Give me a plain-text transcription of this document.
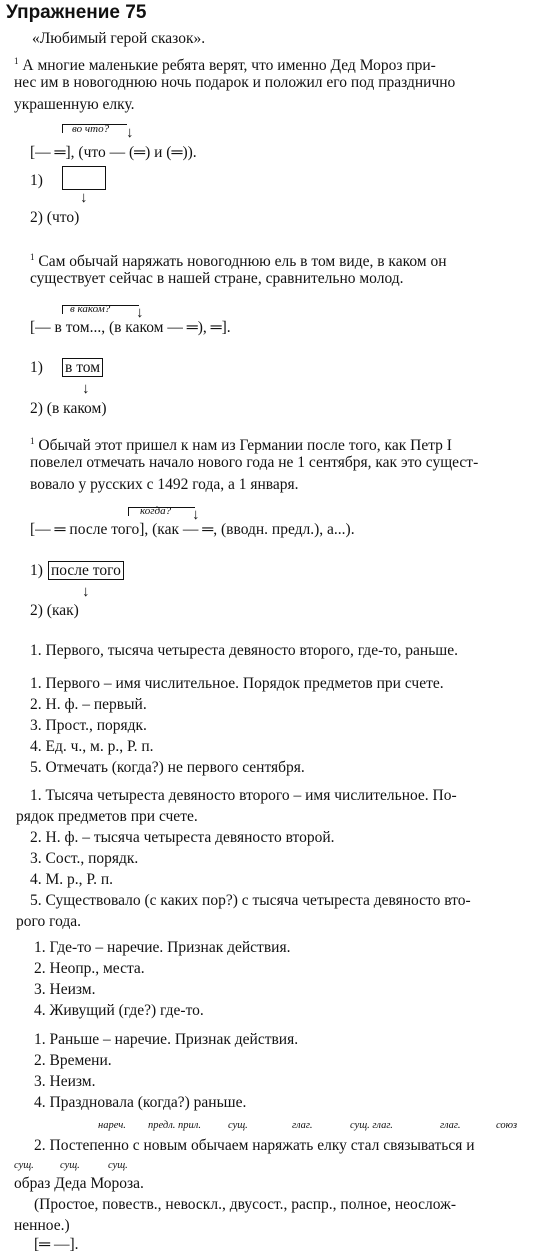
Упражнение 75
«Любимый герой сказок».
$^1$ А многие маленькие ребята верят, что именно Дед Мороз при-
нес им в новогоднюю ночь подарок и положил его под празднично
украшенную елку.
во что? ↓
[— ═], (что — (═) и (═)).
1)
↓
2) (что)
$^1$ Сам обычай наряжать новогоднюю ель в том виде, в каком он
существует сейчас в нашей стране, сравнительно молод.
в каком? ↓
[— в том..., (в каком — ═), ═].
1) в том
↓
2) (в каком)
$^1$ Обычай этот пришел к нам из Германии после того, как Петр I
повелел отмечать начало нового года не 1 сентября, как это сущест-
вовало у русских с 1492 года, а 1 января.
когда? ↓
[— ═ после того], (как — ═, (вводн. предл.), а...).
1) после того
↓
2) (как)
1. Первого, тысяча четыреста девяносто второго, где-то, раньше.
1. Первого – имя числительное. Порядок предметов при счете.
2. Н. ф. – первый.
3. Прост., порядк.
4. Ед. ч., м. р., Р. п.
5. Отмечать (когда?) не первого сентября.
1. Тысяча четыреста девяносто второго – имя числительное. По-
рядок предметов при счете.
2. Н. ф. – тысяча четыреста девяносто второй.
3. Сост., порядк.
4. М. р., Р. п.
5. Существовало (с каких пор?) с тысяча четыреста девяносто вто-
рого года.
1. Где-то – наречие. Признак действия.
2. Неопр., места.
3. Неизм.
4. Живущий (где?) где-то.
1. Раньше – наречие. Признак действия.
2. Времени.
3. Неизм.
4. Праздновала (когда?) раньше.
нареч. предл. прил.	сущ.	глаг.	сущ. глаг.	глаг.	союз
2. Постепенно с новым обычаем наряжать елку стал связываться и
сущ. сущ.	сущ.
образ Деда Мороза.
(Простое, повеств., невоскл., двусост., распр., полное, неослож-
ненное.)
[═ —].
